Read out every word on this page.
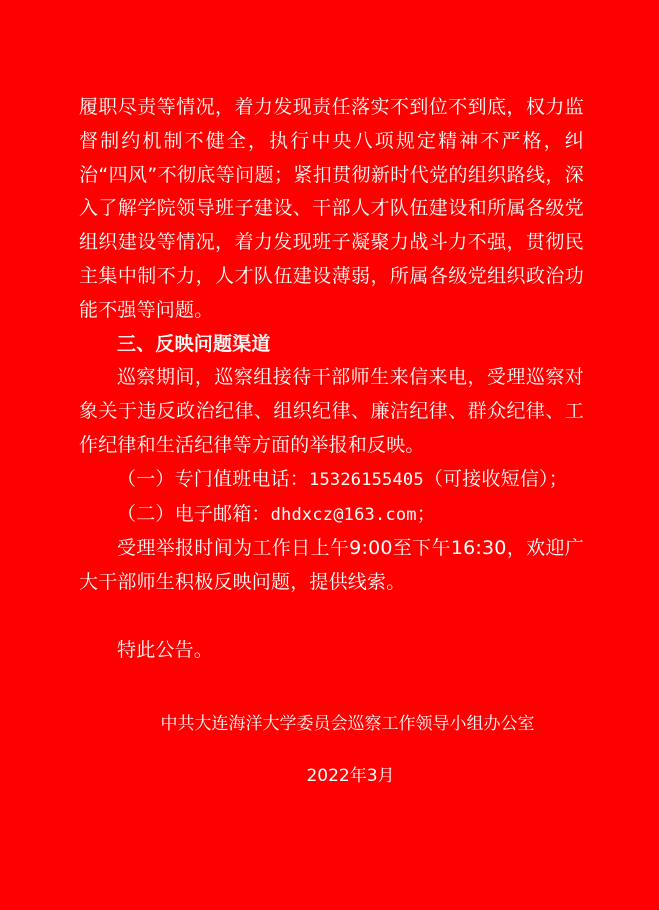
履职尽责等情况，着力发现责任落实不到位不到底，权力监督制约机制不健全，执行中央八项规定精神不严格，纠治“四风”不彻底等问题；紧扣贯彻新时代党的组织路线，深入了解学院领导班子建设、干部人才队伍建设和所属各级党组织建设等情况，着力发现班子凝聚力战斗力不强，贯彻民主集中制不力，人才队伍建设薄弱，所属各级党组织政治功能不强等问题。

三、反映问题渠道

巡察期间，巡察组接待干部师生来信来电，受理巡察对象关于违反政治纪律、组织纪律、廉洁纪律、群众纪律、工作纪律和生活纪律等方面的举报和反映。

（一）专门值班电话：15326155405（可接收短信）；

（二）电子邮箱：dhdxcz@163.com；

受理举报时间为工作日上午9:00至下午16:30，欢迎广大干部师生积极反映问题，提供线索。

特此公告。

中共大连海洋大学委员会巡察工作领导小组办公室
2022年3月
